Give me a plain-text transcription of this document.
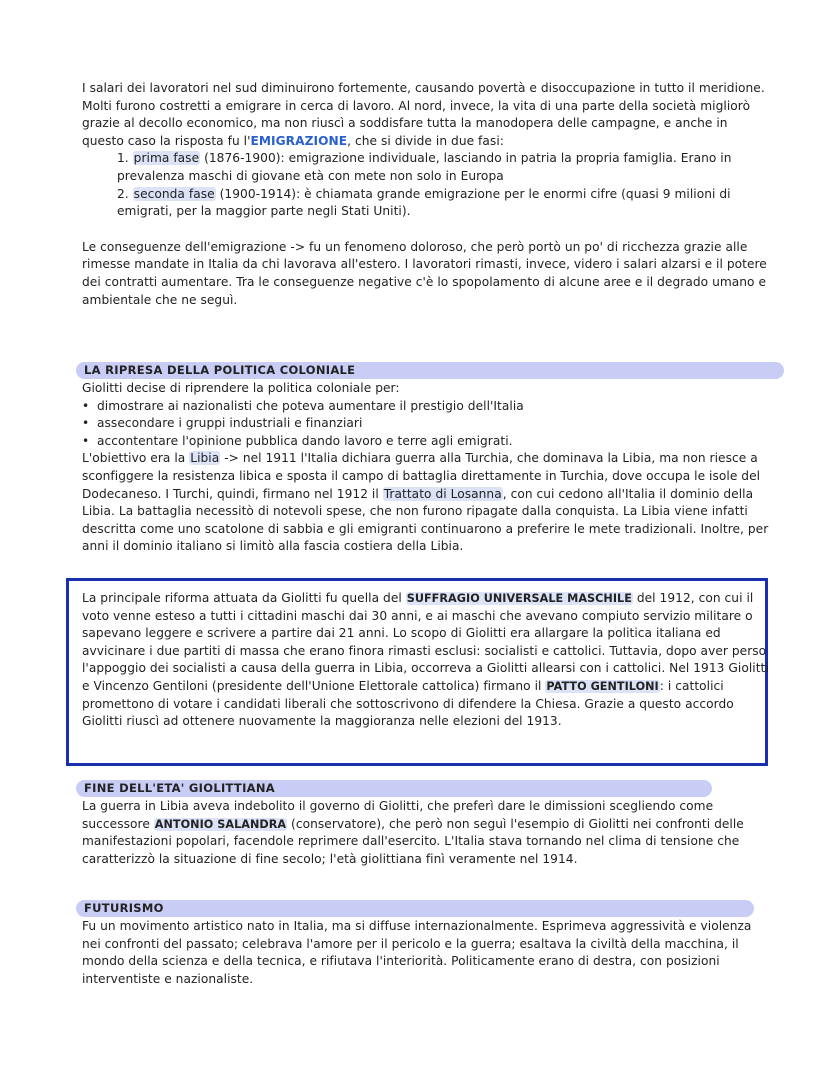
I salari dei lavoratori nel sud diminuirono fortemente, causando povertà e disoccupazione in tutto il meridione. Molti furono costretti a emigrare in cerca di lavoro. Al nord, invece, la vita di una parte della società migliorò grazie al decollo economico, ma non riuscì a soddisfare tutta la manodopera delle campagne, e anche in questo caso la risposta fu l'EMIGRAZIONE, che si divide in due fasi:

1. prima fase (1876-1900): emigrazione individuale, lasciando in patria la propria famiglia. Erano in prevalenza maschi di giovane età con mete non solo in Europa
2. seconda fase (1900-1914): è chiamata grande emigrazione per le enormi cifre (quasi 9 milioni di emigrati, per la maggior parte negli Stati Uniti).

Le conseguenze dell'emigrazione -> fu un fenomeno doloroso, che però portò un po' di ricchezza grazie alle rimesse mandate in Italia da chi lavorava all'estero. I lavoratori rimasti, invece, videro i salari alzarsi e il potere dei contratti aumentare. Tra le conseguenze negative c'è lo spopolamento di alcune aree e il degrado umano e ambientale che ne seguì.

LA RIPRESA DELLA POLITICA COLONIALE

Giolitti decise di riprendere la politica coloniale per:

• dimostrare ai nazionalisti che poteva aumentare il prestigio dell'Italia
• assecondare i gruppi industriali e finanziari
• accontentare l'opinione pubblica dando lavoro e terre agli emigrati.

L'obiettivo era la Libia -> nel 1911 l'Italia dichiara guerra alla Turchia, che dominava la Libia, ma non riesce a sconfiggere la resistenza libica e sposta il campo di battaglia direttamente in Turchia, dove occupa le isole del Dodecaneso. I Turchi, quindi, firmano nel 1912 il Trattato di Losanna, con cui cedono all'Italia il dominio della Libia. La battaglia necessitò di notevoli spese, che non furono ripagate dalla conquista. La Libia viene infatti descritta come uno scatolone di sabbia e gli emigranti continuarono a preferire le mete tradizionali. Inoltre, per anni il dominio italiano si limitò alla fascia costiera della Libia.

La principale riforma attuata da Giolitti fu quella del SUFFRAGIO UNIVERSALE MASCHILE del 1912, con cui il voto venne esteso a tutti i cittadini maschi dai 30 anni, e ai maschi che avevano compiuto servizio militare o sapevano leggere e scrivere a partire dai 21 anni. Lo scopo di Giolitti era allargare la politica italiana ed avvicinare i due partiti di massa che erano finora rimasti esclusi: socialisti e cattolici. Tuttavia, dopo aver perso l'appoggio dei socialisti a causa della guerra in Libia, occorreva a Giolitti allearsi con i cattolici. Nel 1913 Giolitti e Vincenzo Gentiloni (presidente dell'Unione Elettorale cattolica) firmano il PATTO GENTILONI: i cattolici promettono di votare i candidati liberali che sottoscrivono di difendere la Chiesa. Grazie a questo accordo Giolitti riuscì ad ottenere nuovamente la maggioranza nelle elezioni del 1913.

FINE DELL'ETA' GIOLITTIANA

La guerra in Libia aveva indebolito il governo di Giolitti, che preferì dare le dimissioni scegliendo come successore ANTONIO SALANDRA (conservatore), che però non seguì l'esempio di Giolitti nei confronti delle manifestazioni popolari, facendole reprimere dall'esercito. L'Italia stava tornando nel clima di tensione che caratterizzò la situazione di fine secolo; l'età giolittiana finì veramente nel 1914.

FUTURISMO

Fu un movimento artistico nato in Italia, ma si diffuse internazionalmente. Esprimeva aggressività e violenza nei confronti del passato; celebrava l'amore per il pericolo e la guerra; esaltava la civiltà della macchina, il mondo della scienza e della tecnica, e rifiutava l'interiorità. Politicamente erano di destra, con posizioni interventiste e nazionaliste.
